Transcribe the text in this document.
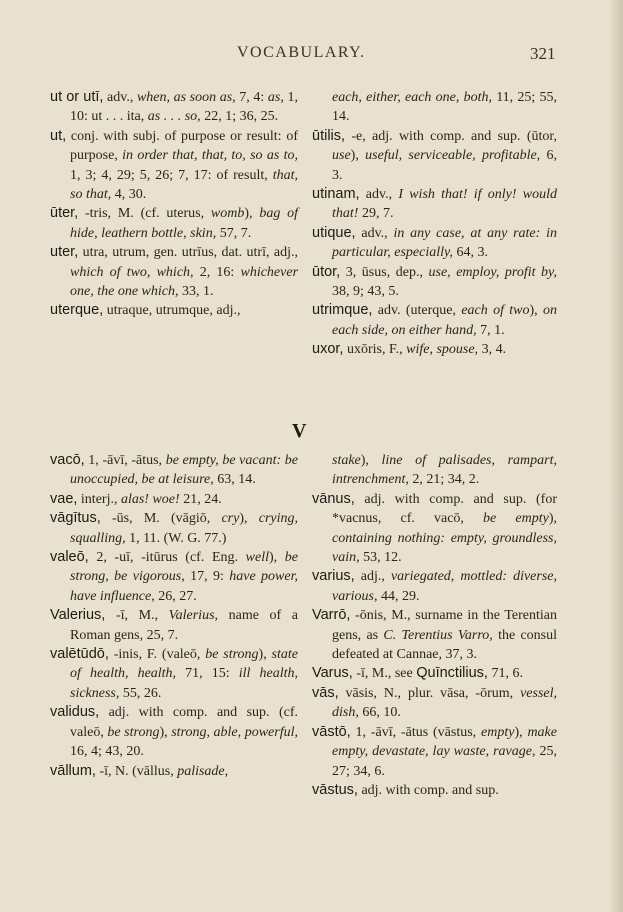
VOCABULARY.	321

ut or utī, adv., when, as soon as, 7, 4: as, 1, 10: ut . . . ita, as . . . so, 22, 1; 36, 25.

ut, conj. with subj. of purpose or result: of purpose, in order that, that, to, so as to, 1, 3; 4, 29; 5, 26; 7, 17: of result, that, so that, 4, 30.

ūter, -tris, M. (cf. uterus, womb), bag of hide, leathern bottle, skin, 57, 7.

uter, utra, utrum, gen. utrīus, dat. utrī, adj., which of two, which, 2, 16: whichever one, the one which, 33, 1.

uterque, utraque, utrumque, adj.,

each, either, each one, both, 11, 25; 55, 14.

ūtilis, -e, adj. with comp. and sup. (ūtor, use), useful, serviceable, profitable, 6, 3.

utinam, adv., I wish that! if only! would that! 29, 7.

utique, adv., in any case, at any rate: in particular, especially, 64, 3.

ūtor, 3, ūsus, dep., use, employ, profit by, 38, 9; 43, 5.

utrimque, adv. (uterque, each of two), on each side, on either hand, 7, 1.

uxor, uxōris, F., wife, spouse, 3, 4.

V

vacō, 1, -āvī, -ātus, be empty, be vacant: be unoccupied, be at leisure, 63, 14.

vae, interj., alas! woe! 21, 24.

vāgītus, -ūs, M. (vāgiō, cry), crying, squalling, 1, 11. (W. G. 77.)

valeō, 2, -uī, -itūrus (cf. Eng. well), be strong, be vigorous, 17, 9: have power, have influence, 26, 27.

Valerius, -ī, M., Valerius, name of a Roman gens, 25, 7.

valētūdō, -inis, F. (valeō, be strong), state of health, health, 71, 15: ill health, sickness, 55, 26.

validus, adj. with comp. and sup. (cf. valeō, be strong), strong, able, powerful, 16, 4; 43, 20.

vāllum, -ī, N. (vāllus, palisade,

stake), line of palisades, rampart, intrenchment, 2, 21; 34, 2.

vānus, adj. with comp. and sup. (for *vacnus, cf. vacō, be empty), containing nothing: empty, groundless, vain, 53, 12.

varius, adj., variegated, mottled: diverse, various, 44, 29.

Varrō, -ōnis, M., surname in the Terentian gens, as C. Terentius Varro, the consul defeated at Cannae, 37, 3.

Varus, -ī, M., see Quīnctilius, 71, 6.

vās, vāsis, N., plur. vāsa, -ōrum, vessel, dish, 66, 10.

vāstō, 1, -āvī, -ātus (vāstus, empty), make empty, devastate, lay waste, ravage, 25, 27; 34, 6.

vāstus, adj. with comp. and sup.
